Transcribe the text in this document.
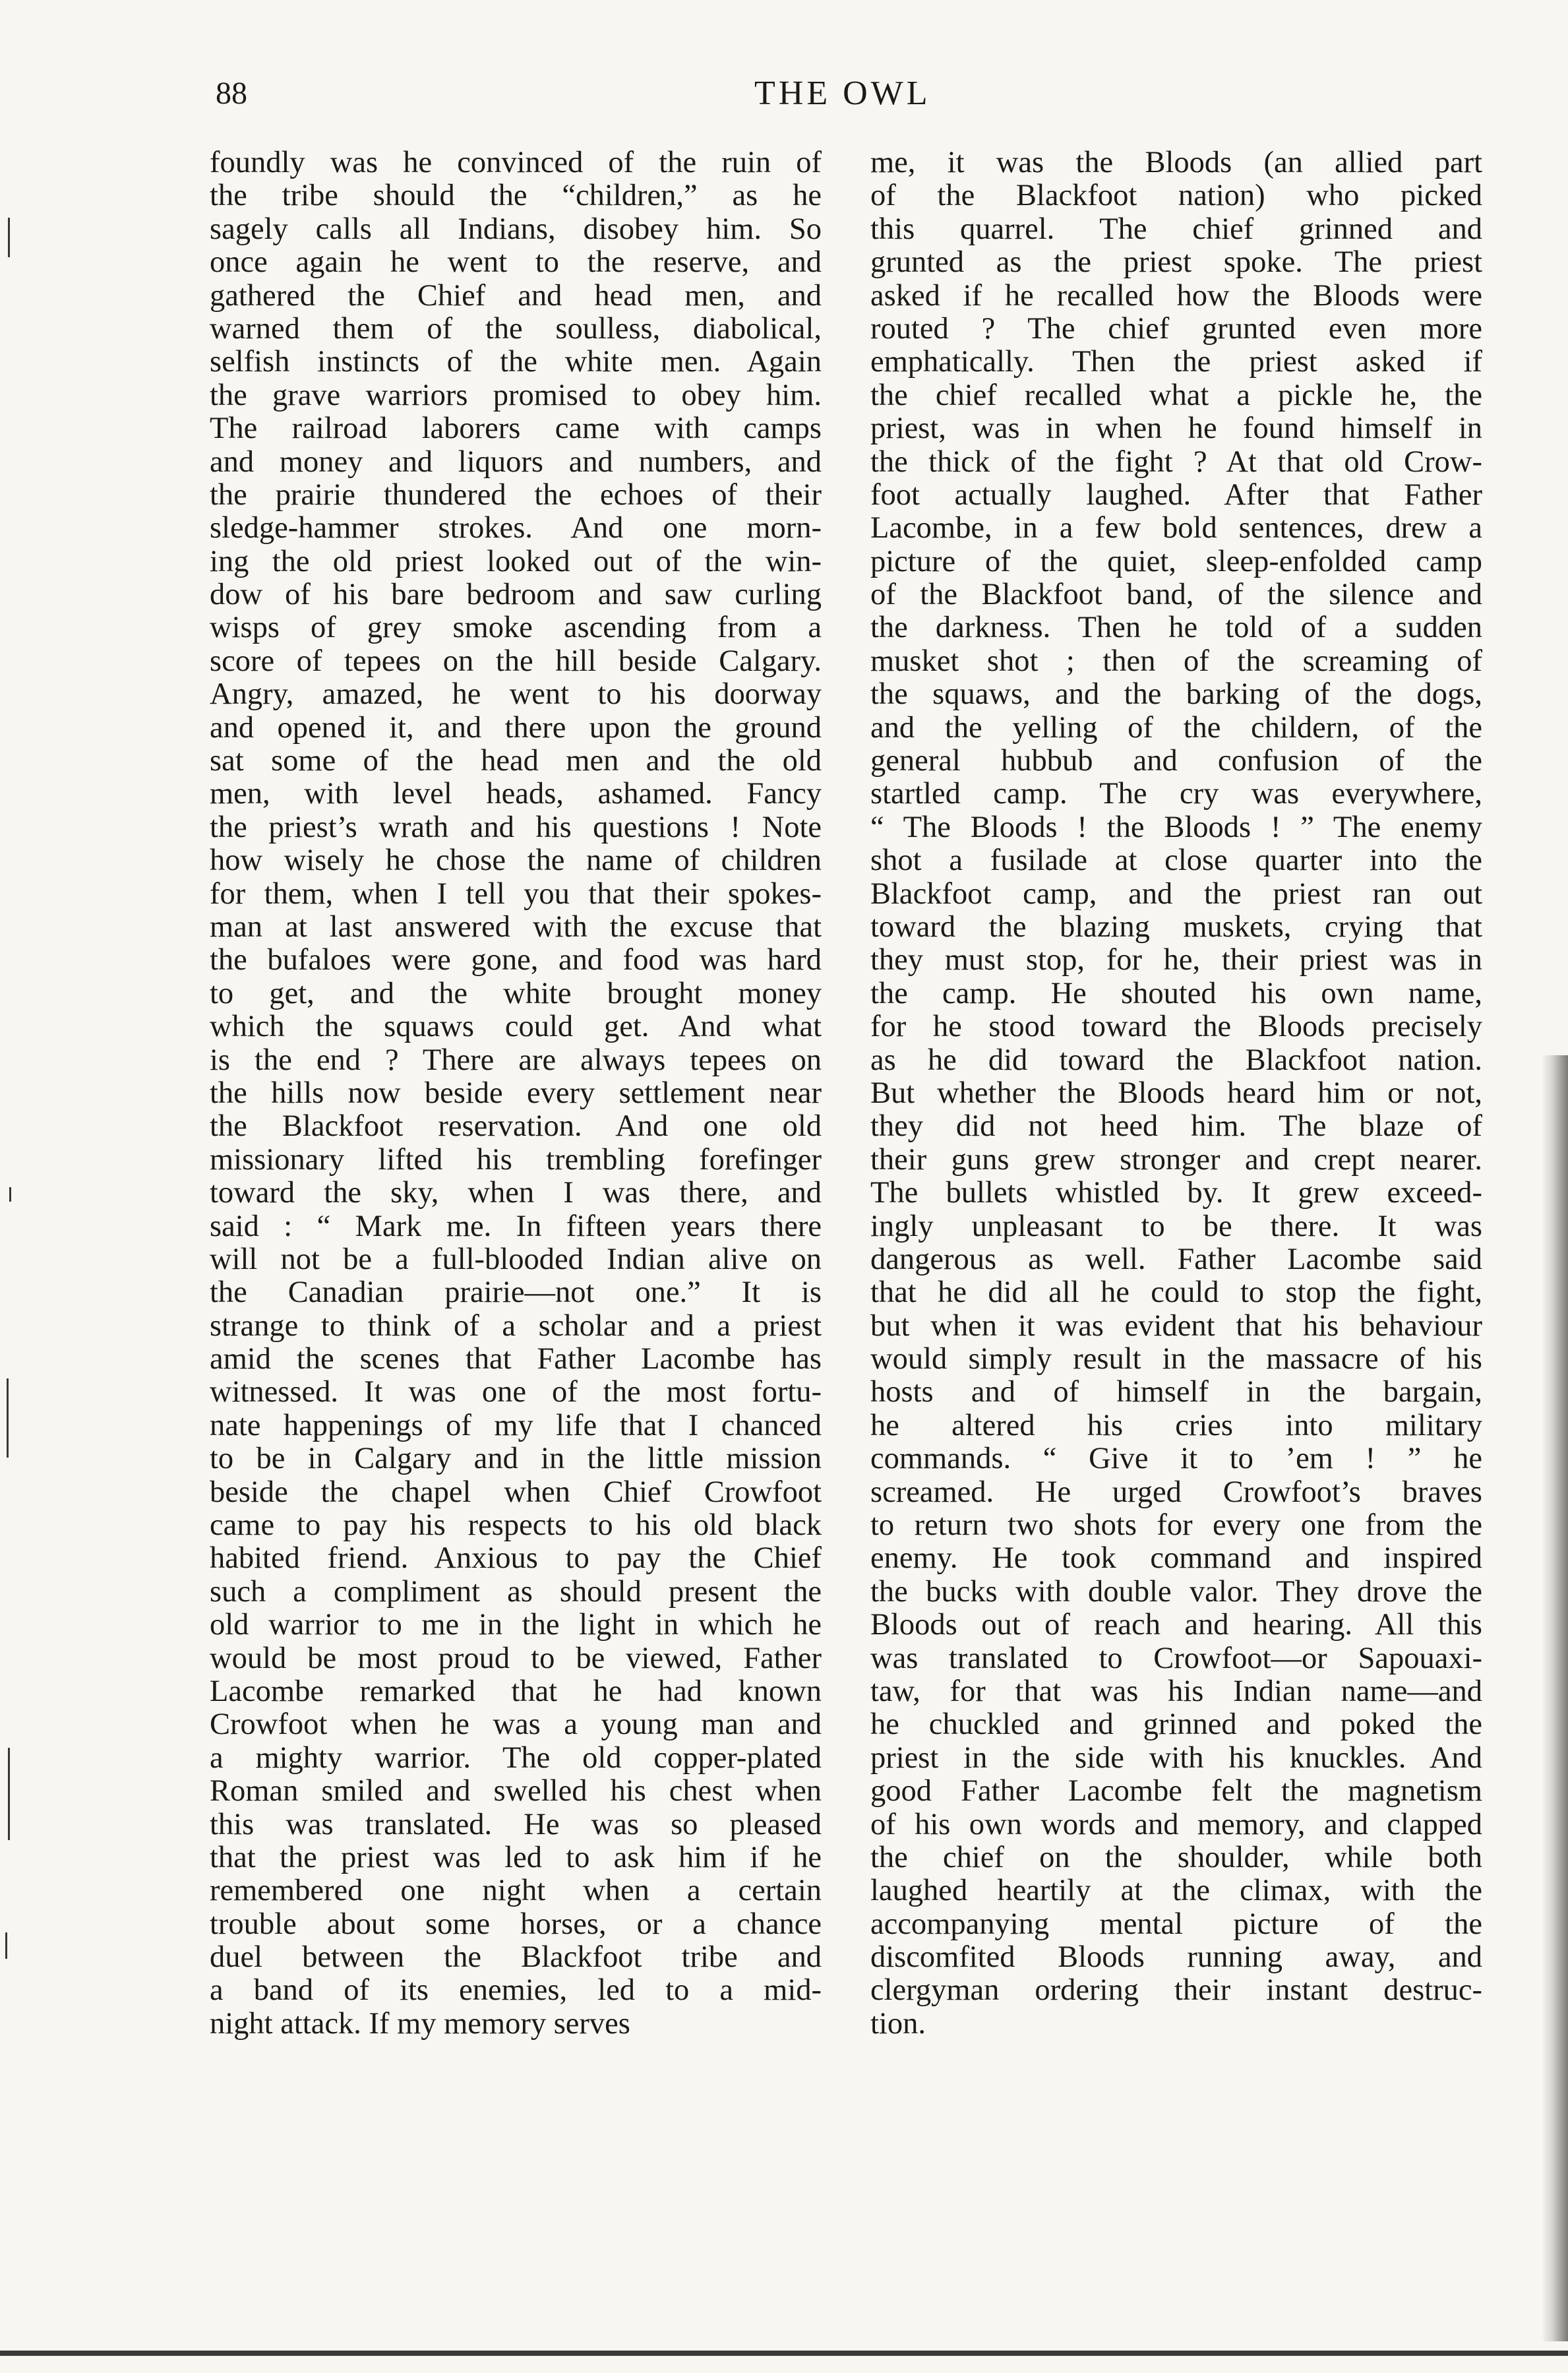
88	THE OWL
foundly was he convinced of the ruin of
the tribe should the “children,” as he
sagely calls all Indians, disobey him. So
once again he went to the reserve, and
gathered the Chief and head men, and
warned them of the soulless, diabolical,
selfish instincts of the white men. Again
the grave warriors promised to obey him.
The railroad laborers came with camps
and money and liquors and numbers, and
the prairie thundered the echoes of their
sledge-hammer strokes. And one morn-
ing the old priest looked out of the win-
dow of his bare bedroom and saw curling
wisps of grey smoke ascending from a
score of tepees on the hill beside Calgary.
Angry, amazed, he went to his doorway
and opened it, and there upon the ground
sat some of the head men and the old
men, with level heads, ashamed. Fancy
the priest’s wrath and his questions ! Note
how wisely he chose the name of children
for them, when I tell you that their spokes-
man at last answered with the excuse that
the bufaloes were gone, and food was hard
to get, and the white brought money
which the squaws could get. And what
is the end ? There are always tepees on
the hills now beside every settlement near
the Blackfoot reservation. And one old
missionary lifted his trembling forefinger
toward the sky, when I was there, and
said : “ Mark me. In fifteen years there
will not be a full-blooded Indian alive on
the Canadian prairie—not one.” It is
strange to think of a scholar and a priest
amid the scenes that Father Lacombe has
witnessed. It was one of the most fortu-
nate happenings of my life that I chanced
to be in Calgary and in the little mission
beside the chapel when Chief Crowfoot
came to pay his respects to his old black
habited friend. Anxious to pay the Chief
such a compliment as should present the
old warrior to me in the light in which he
would be most proud to be viewed, Father
Lacombe remarked that he had known
Crowfoot when he was a young man and
a mighty warrior. The old copper-plated
Roman smiled and swelled his chest when
this was translated. He was so pleased
that the priest was led to ask him if he
remembered one night when a certain
trouble about some horses, or a chance
duel between the Blackfoot tribe and
a band of its enemies, led to a mid-
night attack. If my memory serves
me, it was the Bloods (an allied part
of the Blackfoot nation) who picked
this quarrel. The chief grinned and
grunted as the priest spoke. The priest
asked if he recalled how the Bloods were
routed ? The chief grunted even more
emphatically. Then the priest asked if
the chief recalled what a pickle he, the
priest, was in when he found himself in
the thick of the fight ? At that old Crow-
foot actually laughed. After that Father
Lacombe, in a few bold sentences, drew a
picture of the quiet, sleep-enfolded camp
of the Blackfoot band, of the silence and
the darkness. Then he told of a sudden
musket shot ; then of the screaming of
the squaws, and the barking of the dogs,
and the yelling of the childern, of the
general hubbub and confusion of the
startled camp. The cry was everywhere,
“ The Bloods ! the Bloods ! ” The enemy
shot a fusilade at close quarter into the
Blackfoot camp, and the priest ran out
toward the blazing muskets, crying that
they must stop, for he, their priest was in
the camp. He shouted his own name,
for he stood toward the Bloods precisely
as he did toward the Blackfoot nation.
But whether the Bloods heard him or not,
they did not heed him. The blaze of
their guns grew stronger and crept nearer.
The bullets whistled by. It grew exceed-
ingly unpleasant to be there. It was
dangerous as well. Father Lacombe said
that he did all he could to stop the fight,
but when it was evident that his behaviour
would simply result in the massacre of his
hosts and of himself in the bargain,
he altered his cries into military
commands. “ Give it to ’em ! ” he
screamed. He urged Crowfoot’s braves
to return two shots for every one from the
enemy. He took command and inspired
the bucks with double valor. They drove the
Bloods out of reach and hearing. All this
was translated to Crowfoot—or Sapouaxi-
taw, for that was his Indian name—and
he chuckled and grinned and poked the
priest in the side with his knuckles. And
good Father Lacombe felt the magnetism
of his own words and memory, and clapped
the chief on the shoulder, while both
laughed heartily at the climax, with the
accompanying mental picture of the
discomfited Bloods running away, and
clergyman ordering their instant destruc-
tion.
